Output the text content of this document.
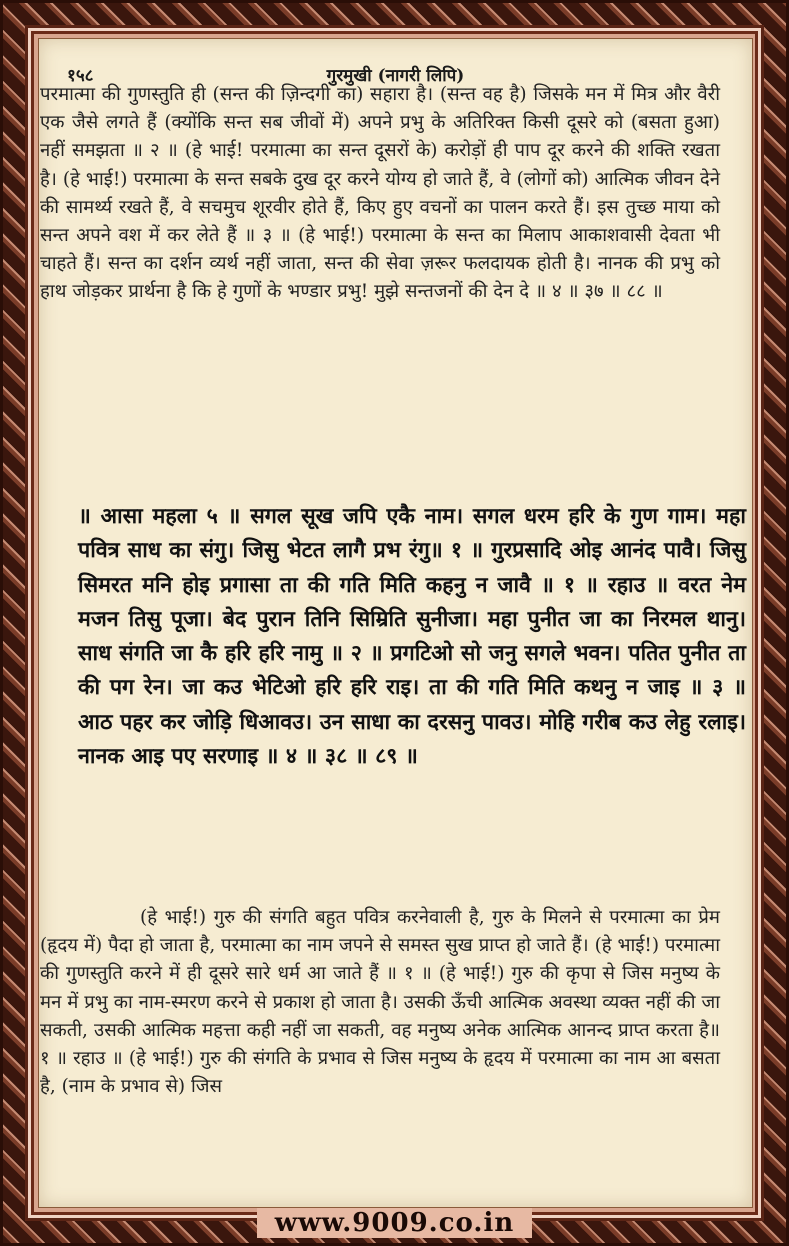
१५८	गुरमुखी (नागरी लिपि)

परमात्मा की गुणस्तुति ही (सन्त की ज़िन्दगी का) सहारा है। (सन्त वह है) जिसके मन में मित्र और वैरी एक जैसे लगते हैं (क्योंकि सन्त सब जीवों में) अपने प्रभु के अतिरिक्त किसी दूसरे को (बसता हुआ) नहीं समझता ॥ २ ॥ (हे भाई! परमात्मा का सन्त दूसरों के) करोड़ों ही पाप दूर करने की शक्ति रखता है। (हे भाई!) परमात्मा के सन्त सबके दुख दूर करने योग्य हो जाते हैं, वे (लोगों को) आत्मिक जीवन देने की सामर्थ्य रखते हैं, वे सचमुच शूरवीर होते हैं, किए हुए वचनों का पालन करते हैं। इस तुच्छ माया को सन्त अपने वश में कर लेते हैं ॥ ३ ॥ (हे भाई!) परमात्मा के सन्त का मिलाप आकाशवासी देवता भी चाहते हैं। सन्त का दर्शन व्यर्थ नहीं जाता, सन्त की सेवा ज़रूर फलदायक होती है। नानक की प्रभु को हाथ जोड़कर प्रार्थना है कि हे गुणों के भण्डार प्रभु! मुझे सन्तजनों की देन दे ॥ ४ ॥ ३७ ॥ ८८ ॥

॥ आसा महला ५ ॥ सगल सूख जपि एकै नाम। सगल धरम हरि के गुण गाम। महा पवित्र साध का संगु। जिसु भेटत लागै प्रभ रंगु॥ १ ॥ गुरप्रसादि ओइ आनंद पावै। जिसु सिमरत मनि होइ प्रगासा ता की गति मिति कहनु न जावै ॥ १ ॥ रहाउ ॥ वरत नेम मजन तिसु पूजा। बेद पुरान तिनि सिम्रिति सुनीजा। महा पुनीत जा का निरमल थानु। साध संगति जा कै हरि हरि नामु ॥ २ ॥ प्रगटिओ सो जनु सगले भवन। पतित पुनीत ता की पग रेन। जा कउ भेटिओ हरि हरि राइ। ता की गति मिति कथनु न जाइ ॥ ३ ॥ आठ पहर कर जोड़ि धिआवउ। उन साधा का दरसनु पावउ। मोहि गरीब कउ लेहु रलाइ। नानक आइ पए सरणाइ ॥ ४ ॥ ३८ ॥ ८९ ॥

(हे भाई!) गुरु की संगति बहुत पवित्र करनेवाली है, गुरु के मिलने से परमात्मा का प्रेम (हृदय में) पैदा हो जाता है, परमात्मा का नाम जपने से समस्त सुख प्राप्त हो जाते हैं। (हे भाई!) परमात्मा की गुणस्तुति करने में ही दूसरे सारे धर्म आ जाते हैं ॥ १ ॥ (हे भाई!) गुरु की कृपा से जिस मनुष्य के मन में प्रभु का नाम-स्मरण करने से प्रकाश हो जाता है। उसकी ऊँची आत्मिक अवस्था व्यक्त नहीं की जा सकती, उसकी आत्मिक महत्ता कही नहीं जा सकती, वह मनुष्य अनेक आत्मिक आनन्द प्राप्त करता है॥ १ ॥ रहाउ ॥ (हे भाई!) गुरु की संगति के प्रभाव से जिस मनुष्य के हृदय में परमात्मा का नाम आ बसता है, (नाम के प्रभाव से) जिस

www.9009.co.in
